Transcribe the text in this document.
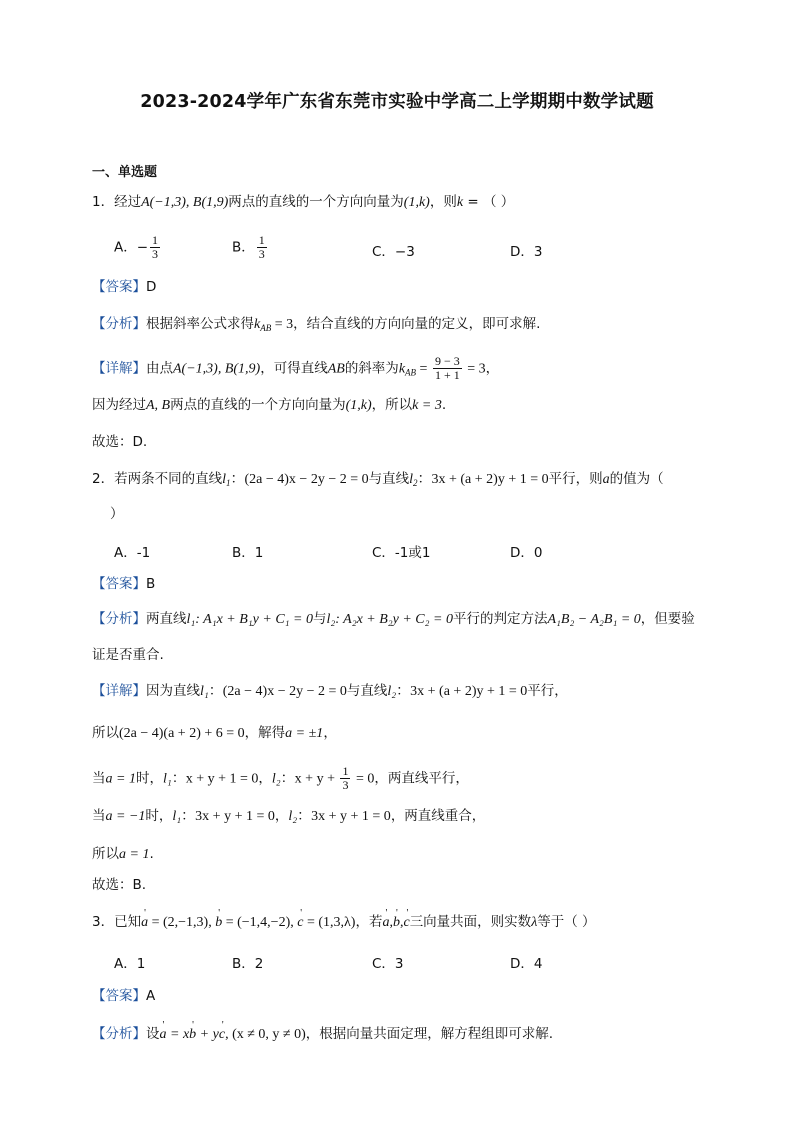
2023-2024学年广东省东莞市实验中学高二上学期期中数学试题
一、单选题
1．经过A(−1,3), B(1,9)两点的直线的一个方向向量为(1,k)，则k = （ ）
A．− $\frac{1}{3}$	B． $\frac{1}{3}$	C．−3	D．3
【答案】D
【分析】根据斜率公式求得$k_{AB} = 3$，结合直线的方向向量的定义，即可求解.
【详解】由点A(−1,3), B(1,9)，可得直线AB的斜率为$k_{AB} = \frac{9 - 3}{1 + 1} = 3$，
因为经过A, B两点的直线的一个方向向量为(1,k)，所以k = 3.
故选：D.
2．若两条不同的直线$l_1$：(2a − 4)x − 2y − 2 = 0与直线$l_2$：3x + (a + 2)y + 1 = 0平行，则a的值为（
）
A．-1	B．1	C．-1或1	D．0
【答案】B
【分析】两直线l₁: A₁x + B₁y + C₁ = 0与l₂: A₂x + B₂y + C₂ = 0平行的判定方法A₁B₂ − A₂B₁ = 0，但要验
证是否重合.
【详解】因为直线l₁：(2a − 4)x − 2y − 2 = 0与直线l₂：3x + (a + 2)y + 1 = 0平行，
所以(2a − 4)(a + 2) + 6 = 0，解得a = ±1，
当a = 1时，l₁：x + y + 1 = 0，l₂：$x + y + \frac{1}{3} = 0$，两直线平行，
当a = −1时，l₁：3x + y + 1 = 0，l₂：3x + y + 1 = 0，两直线重合，
所以a = 1.
故选：B.
3．已知' a = (2,−1,3), ' b = (−1,4,−2), ' c = (1,3,λ)，若' a,' b,' c三向量共面，则实数λ等于（ ）
A．1	B．2	C．3	D．4
【答案】A
【分析】设' a = x' b + y' c, (x ≠ 0, y ≠ 0)，根据向量共面定理，解方程组即可求解.
